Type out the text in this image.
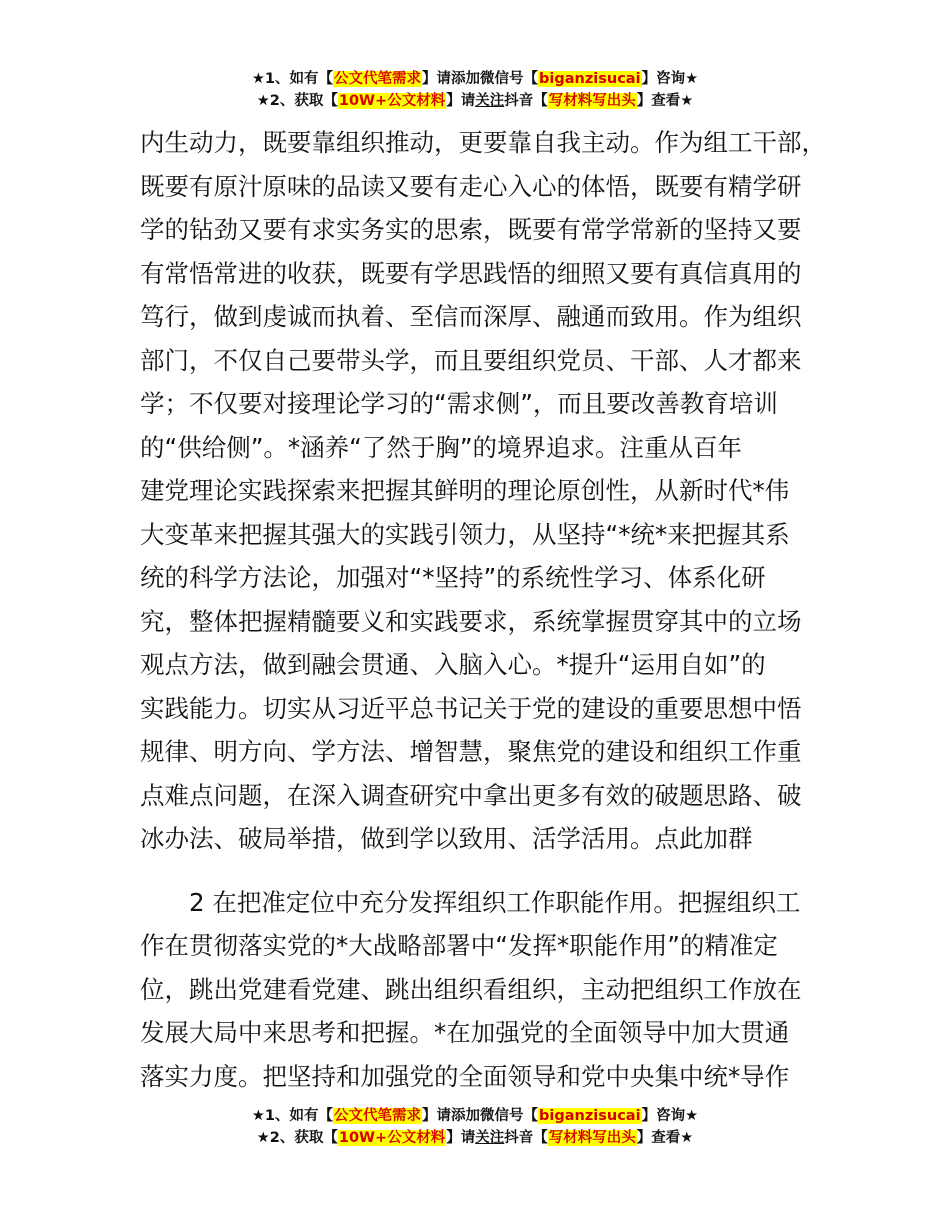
★1、如有【公文代笔需求】请添加微信号【biganzisucai】咨询★
★2、获取【10W+公文材料】请关注抖音【写材料写出头】查看★

内生动力，既要靠组织推动，更要靠自我主动。作为组工干部，
既要有原汁原味的品读又要有走心入心的体悟，既要有精学研
学的钻劲又要有求实务实的思索，既要有常学常新的坚持又要
有常悟常进的收获，既要有学思践悟的细照又要有真信真用的
笃行，做到虔诚而执着、至信而深厚、融通而致用。作为组织
部门，不仅自己要带头学，而且要组织党员、干部、人才都来
学；不仅要对接理论学习的“需求侧”，而且要改善教育培训
的“供给侧”。*涵养“了然于胸”的境界追求。注重从百年
建党理论实践探索来把握其鲜明的理论原创性，从新时代*伟
大变革来把握其强大的实践引领力，从坚持“*统*来把握其系
统的科学方法论，加强对“*坚持”的系统性学习、体系化研
究，整体把握精髓要义和实践要求，系统掌握贯穿其中的立场
观点方法，做到融会贯通、入脑入心。*提升“运用自如”的
实践能力。切实从习近平总书记关于党的建设的重要思想中悟
规律、明方向、学方法、增智慧，聚焦党的建设和组织工作重
点难点问题，在深入调查研究中拿出更多有效的破题思路、破
冰办法、破局举措，做到学以致用、活学活用。点此加群

　　2 在把准定位中充分发挥组织工作职能作用。把握组织工
作在贯彻落实党的*大战略部署中“发挥*职能作用”的精准定
位，跳出党建看党建、跳出组织看组织，主动把组织工作放在
发展大局中来思考和把握。*在加强党的全面领导中加大贯通
落实力度。把坚持和加强党的全面领导和党中央集中统*导作

★1、如有【公文代笔需求】请添加微信号【biganzisucai】咨询★
★2、获取【10W+公文材料】请关注抖音【写材料写出头】查看★
